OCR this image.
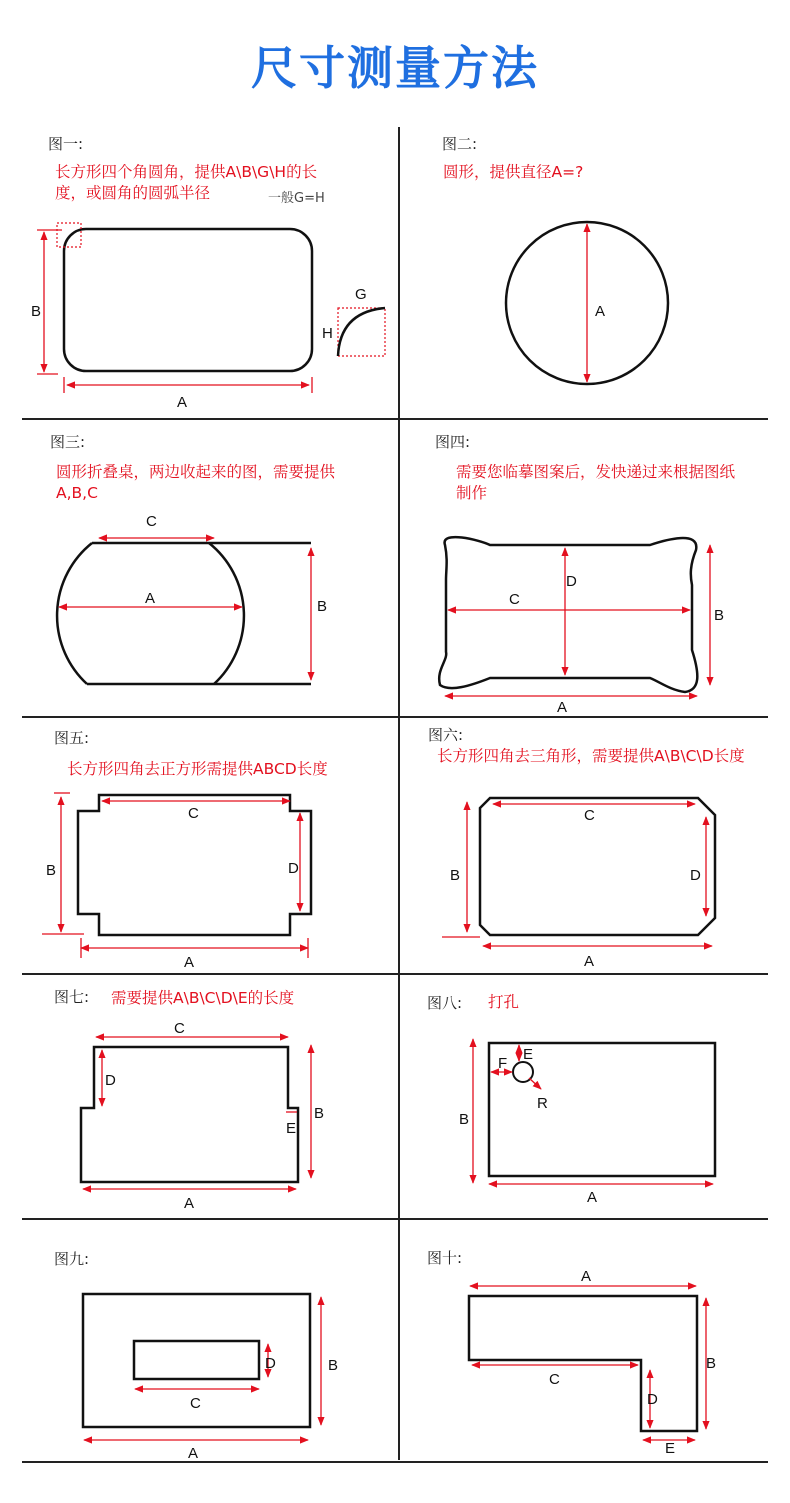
尺寸测量方法
图一:
长方形四个角圆角，提供A\B\G\H的长度，或圆角的圆弧半径	一般G=H
B
A
G
H
图二:
圆形，提供直径A=?
A
图三:
圆形折叠桌，两边收起来的图，需要提供A,B,C
C
A	B
图四:
需要您临摹图案后，发快递过来根据图纸制作
C
D
B
A
图五:
长方形四角去正方形需提供ABCD长度
C
D
B
A
图六:
长方形四角去三角形，需要提供A\B\C\D长度
C
D
B
A
图七: 需要提供A\B\C\D\E的长度
C
D
E
B
A
图八: 打孔
E
F
R
B
A
图九:
D
C
B
A
图十:
A
C
D
B
E
